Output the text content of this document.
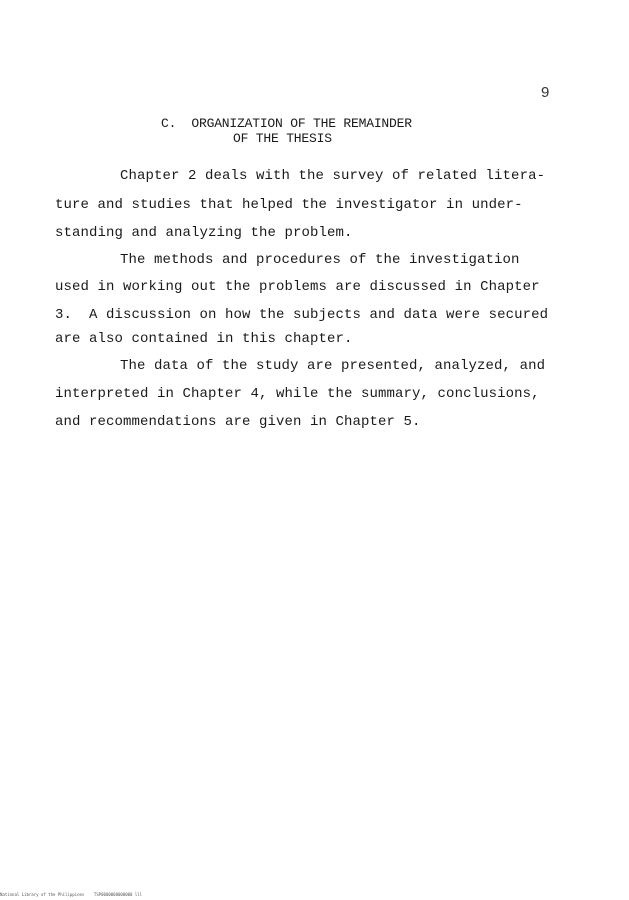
9
C.  ORGANIZATION OF THE REMAINDER
OF THE THESIS
Chapter 2 deals with the survey of related litera-
ture and studies that helped the investigator in under-
standing and analyzing the problem.
The methods and procedures of the investigation
used in working out the problems are discussed in Chapter
3.  A discussion on how the subjects and data were secured
are also contained in this chapter.
The data of the study are presented, analyzed, and
interpreted in Chapter 4, while the summary, conclusions,
and recommendations are given in Chapter 5.
National Library of the Philippines    TSP0000000000000 lll
